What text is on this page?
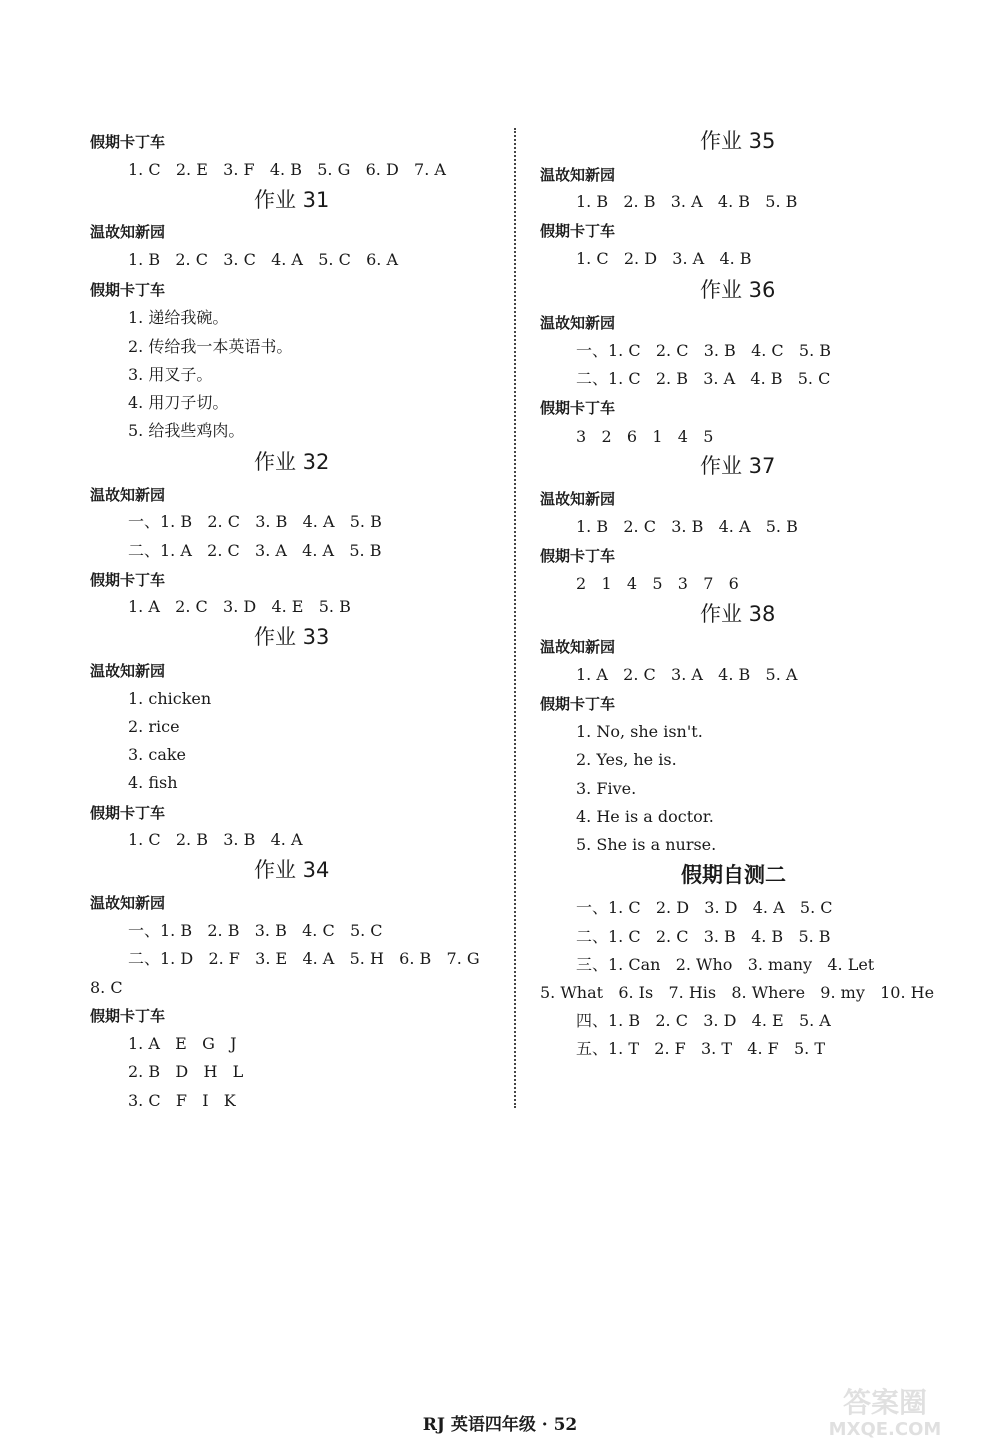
假期卡丁车
1. C   2. E   3. F   4. B   5. G   6. D   7. A
作业 31
温故知新园
1. B   2. C   3. C   4. A   5. C   6. A
假期卡丁车
1. 递给我碗。
2. 传给我一本英语书。
3. 用叉子。
4. 用刀子切。
5. 给我些鸡肉。
作业 32
温故知新园
一、1. B   2. C   3. B   4. A   5. B
二、1. A   2. C   3. A   4. A   5. B
假期卡丁车
1. A   2. C   3. D   4. E   5. B
作业 33
温故知新园
1. chicken
2. rice
3. cake
4. fish
假期卡丁车
1. C   2. B   3. B   4. A
作业 34
温故知新园
一、1. B   2. B   3. B   4. C   5. C
二、1. D   2. F   3. E   4. A   5. H   6. B   7. G
8. C
假期卡丁车
1. A   E   G   J
2. B   D   H   L
3. C   F   I   K
作业 35
温故知新园
1. B   2. B   3. A   4. B   5. B
假期卡丁车
1. C   2. D   3. A   4. B
作业 36
温故知新园
一、1. C   2. C   3. B   4. C   5. B
二、1. C   2. B   3. A   4. B   5. C
假期卡丁车
3   2   6   1   4   5
作业 37
温故知新园
1. B   2. C   3. B   4. A   5. B
假期卡丁车
2   1   4   5   3   7   6
作业 38
温故知新园
1. A   2. C   3. A   4. B   5. A
假期卡丁车
1. No, she isn't.
2. Yes, he is.
3. Five.
4. He is a doctor.
5. She is a nurse.
假期自测二
一、1. C   2. D   3. D   4. A   5. C
二、1. C   2. C   3. B   4. B   5. B
三、1. Can   2. Who   3. many   4. Let
5. What   6. Is   7. His   8. Where   9. my   10. He
四、1. B   2. C   3. D   4. E   5. A
五、1. T   2. F   3. T   4. F   5. T
RJ 英语四年级 · 52
答案圈
MXQE.COM
